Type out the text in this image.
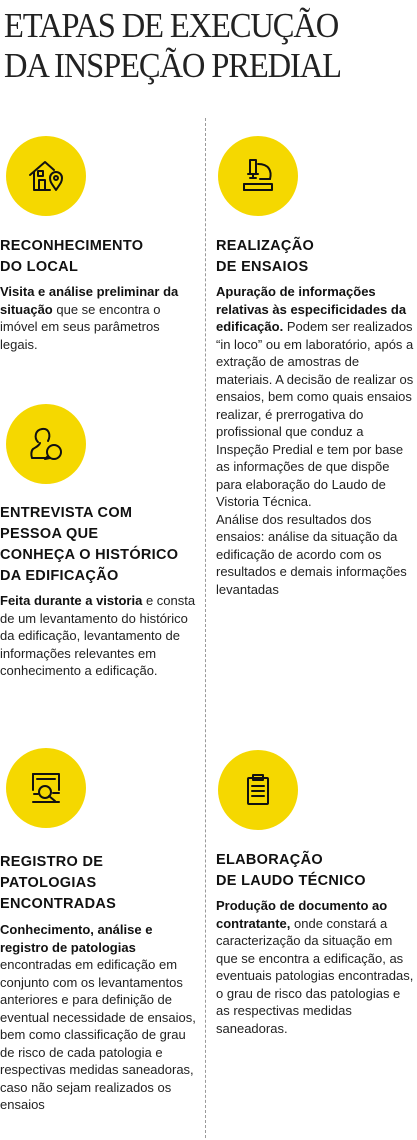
ETAPAS DE EXECUÇÃO
DA INSPEÇÃO PREDIAL
RECONHECIMENTO
DO LOCAL

Visita e análise preliminar da situação que se encontra o imóvel em seus parâmetros legais.

ENTREVISTA COM
PESSOA QUE
CONHEÇA O HISTÓRICO
DA EDIFICAÇÃO

Feita durante a vistoria e consta de um levantamento do histórico da edificação, levantamento de informações relevantes em conhecimento a edificação.

REGISTRO DE
PATOLOGIAS
ENCONTRADAS

Conhecimento, análise e registro de patologias encontradas em edificação em conjunto com os levantamentos anteriores e para definição de eventual necessidade de ensaios, bem como classificação de grau de risco de cada patologia e respectivas medidas saneadoras, caso não sejam realizados os ensaios

REALIZAÇÃO
DE ENSAIOS

Apuração de informações relativas às especificidades da edificação. Podem ser realizados “in loco” ou em laboratório, após a extração de amostras de materiais. A decisão de realizar os ensaios, bem como quais ensaios realizar, é prerrogativa do profissional que conduz a Inspeção Predial e tem por base as informações de que dispõe para elaboração do Laudo de Vistoria Técnica.
Análise dos resultados dos ensaios: análise da situação da edificação de acordo com os resultados e demais informações levantadas

ELABORAÇÃO
DE LAUDO TÉCNICO

Produção de documento ao contratante, onde constará a caracterização da situação em que se encontra a edificação, as eventuais patologias encontradas, o grau de risco das patologias e as respectivas medidas saneadoras.
